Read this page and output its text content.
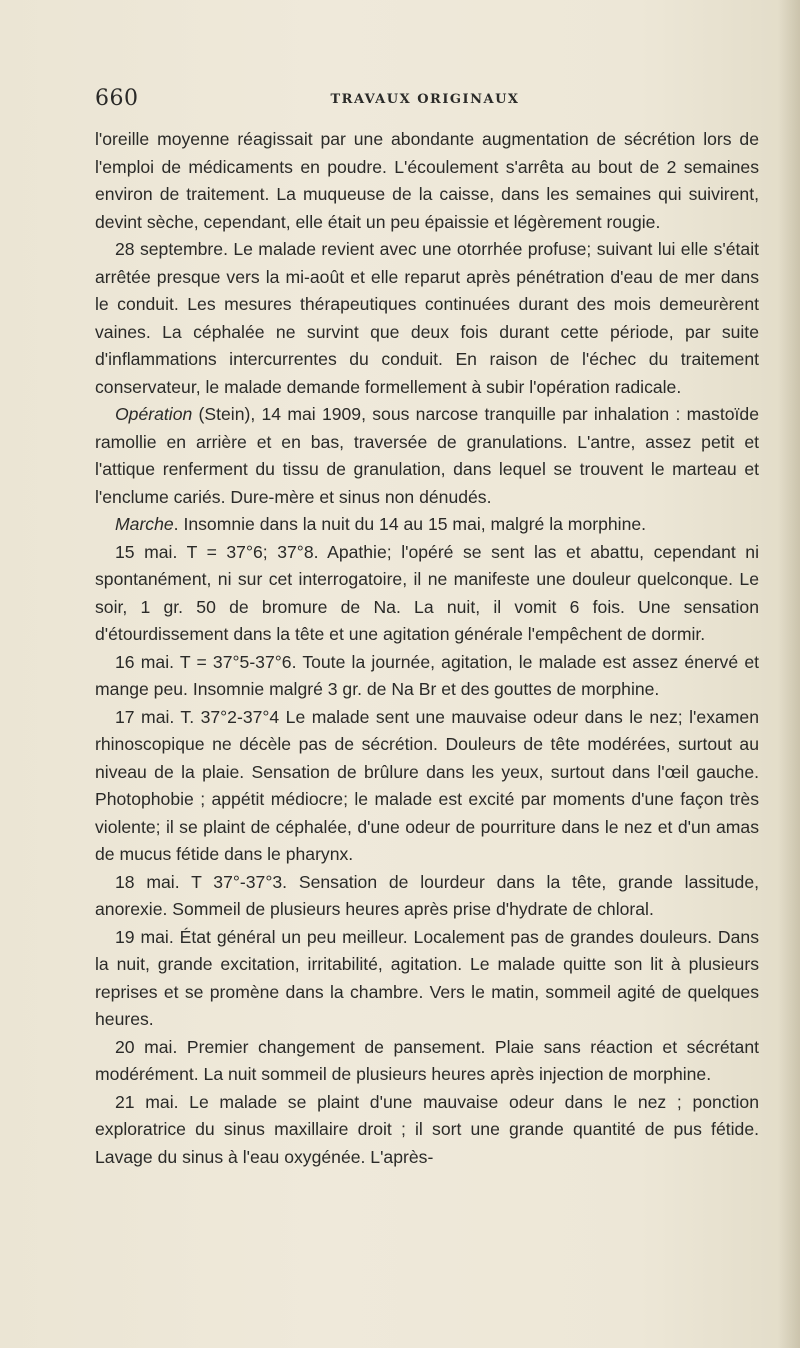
660	TRAVAUX ORIGINAUX

l'oreille moyenne réagissait par une abondante augmentation de sécrétion lors de l'emploi de médicaments en poudre. L'écoulement s'arrêta au bout de 2 semaines environ de traitement. La muqueuse de la caisse, dans les semaines qui suivirent, devint sèche, cependant, elle était un peu épaissie et légèrement rougie.

28 septembre. Le malade revient avec une otorrhée profuse; suivant lui elle s'était arrêtée presque vers la mi-août et elle reparut après pénétration d'eau de mer dans le conduit. Les mesures thérapeutiques continuées durant des mois demeurèrent vaines. La céphalée ne survint que deux fois durant cette période, par suite d'inflammations intercurrentes du conduit. En raison de l'échec du traitement conservateur, le malade demande formellement à subir l'opération radicale.

Opération (Stein), 14 mai 1909, sous narcose tranquille par inhalation : mastoïde ramollie en arrière et en bas, traversée de granulations. L'antre, assez petit et l'attique renferment du tissu de granulation, dans lequel se trouvent le marteau et l'enclume cariés. Dure-mère et sinus non dénudés.

Marche. Insomnie dans la nuit du 14 au 15 mai, malgré la morphine.

15 mai. T = 37°6; 37°8. Apathie; l'opéré se sent las et abattu, cependant ni spontanément, ni sur cet interrogatoire, il ne manifeste une douleur quelconque. Le soir, 1 gr. 50 de bromure de Na. La nuit, il vomit 6 fois. Une sensation d'étourdissement dans la tête et une agitation générale l'empêchent de dormir.

16 mai. T = 37°5-37°6. Toute la journée, agitation, le malade est assez énervé et mange peu. Insomnie malgré 3 gr. de Na Br et des gouttes de morphine.

17 mai. T. 37°2-37°4 Le malade sent une mauvaise odeur dans le nez; l'examen rhinoscopique ne décèle pas de sécrétion. Douleurs de tête modérées, surtout au niveau de la plaie. Sensation de brûlure dans les yeux, surtout dans l'œil gauche. Photophobie ; appétit médiocre; le malade est excité par moments d'une façon très violente; il se plaint de céphalée, d'une odeur de pourriture dans le nez et d'un amas de mucus fétide dans le pharynx.

18 mai. T 37°-37°3. Sensation de lourdeur dans la tête, grande lassitude, anorexie. Sommeil de plusieurs heures après prise d'hydrate de chloral.

19 mai. État général un peu meilleur. Localement pas de grandes douleurs. Dans la nuit, grande excitation, irritabilité, agitation. Le malade quitte son lit à plusieurs reprises et se promène dans la chambre. Vers le matin, sommeil agité de quelques heures.

20 mai. Premier changement de pansement. Plaie sans réaction et sécrétant modérément. La nuit sommeil de plusieurs heures après injection de morphine.

21 mai. Le malade se plaint d'une mauvaise odeur dans le nez ; ponction exploratrice du sinus maxillaire droit ; il sort une grande quantité de pus fétide. Lavage du sinus à l'eau oxygénée. L'après-
